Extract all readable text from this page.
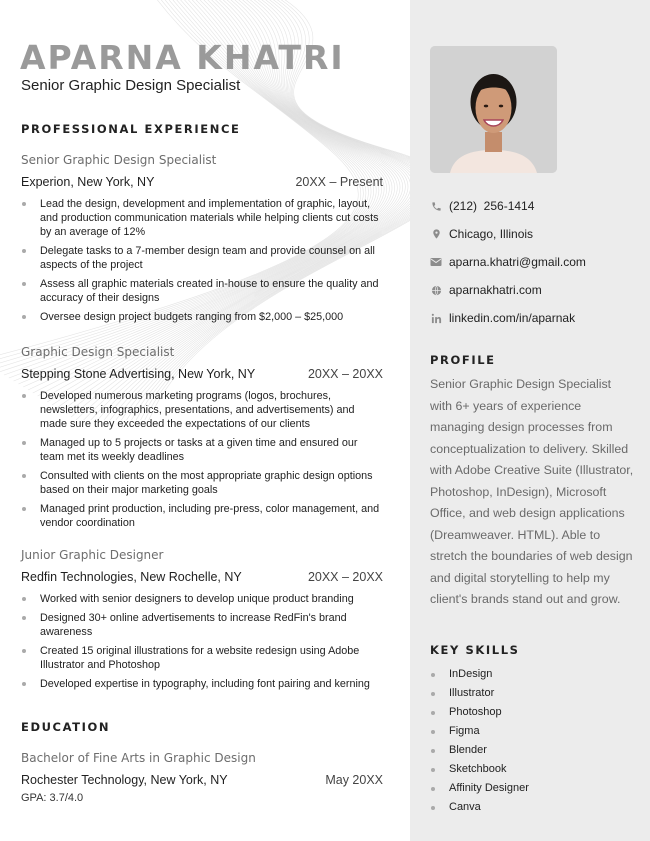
APARNA KHATRI

Senior Graphic Design Specialist

PROFESSIONAL EXPERIENCE

Senior Graphic Design Specialist

Experion, New York, NY	20XX – Present
Lead the design, development and implementation of graphic, layout, and production communication materials while helping clients cut costs by an average of 12%
Delegate tasks to a 7-member design team and provide counsel on all aspects of the project
Assess all graphic materials created in-house to ensure the quality and accuracy of their designs
Oversee design project budgets ranging from $2,000 – $25,000

Graphic Design Specialist

Stepping Stone Advertising, New York, NY	20XX – 20XX
Developed numerous marketing programs (logos, brochures, newsletters, infographics, presentations, and advertisements) and made sure they exceeded the expectations of our clients
Managed up to 5 projects or tasks at a given time and ensured our team met its weekly deadlines
Consulted with clients on the most appropriate graphic design options based on their major marketing goals
Managed print production, including pre-press, color management, and vendor coordination

Junior Graphic Designer

Redfin Technologies, New Rochelle, NY	20XX – 20XX
Worked with senior designers to develop unique product branding
Designed 30+ online advertisements to increase RedFin's brand awareness
Created 15 original illustrations for a website redesign using Adobe Illustrator and Photoshop
Developed expertise in typography, including font pairing and kerning
EDUCATION

Bachelor of Fine Arts in Graphic Design

Rochester Technology, New York, NY	May 20XX
GPA: 3.7/4.0
(212)  256-1414
Chicago, Illinois
aparna.khatri@gmail.com
aparnakhatri.com
linkedin.com/in/aparnak
PROFILE

Senior Graphic Design Specialist with 6+ years of experience managing design processes from conceptualization to delivery. Skilled with Adobe Creative Suite (Illustrator, Photoshop, InDesign), Microsoft Office, and web design applications (Dreamweaver. HTML). Able to stretch the boundaries of web design and digital storytelling to help my client's brands stand out and grow.

KEY SKILLS
InDesign
Illustrator
Photoshop
Figma
Blender
Sketchbook
Affinity Designer
Canva
